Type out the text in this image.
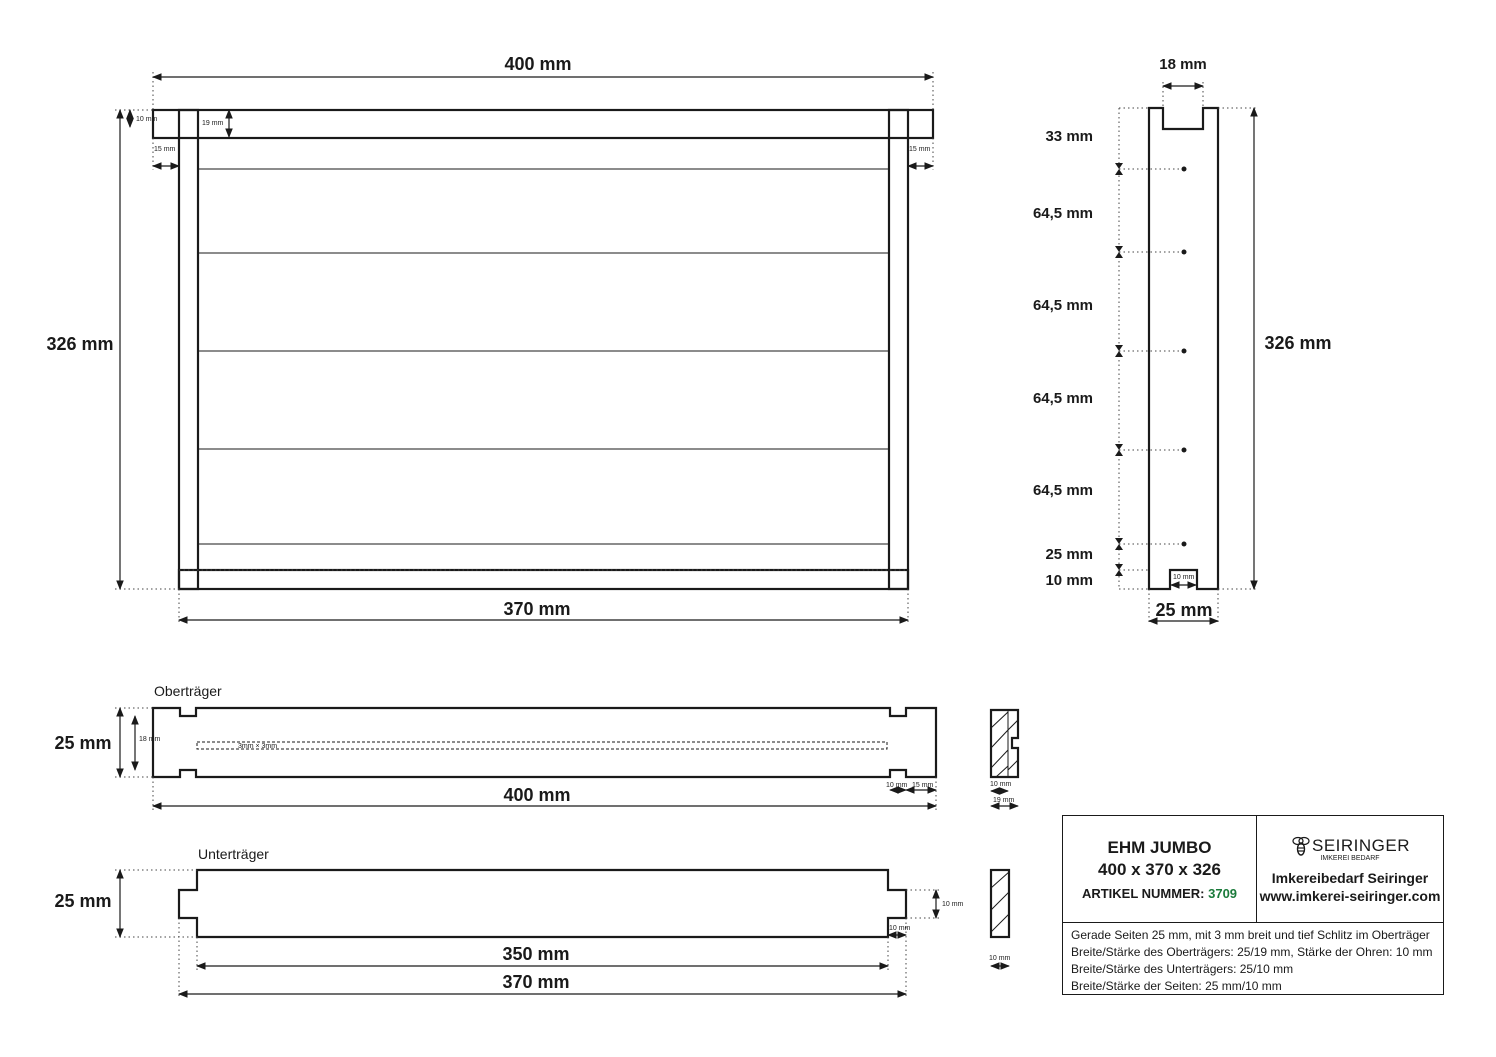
400 mm
326 mm
370 mm
10 mm
19 mm
15 mm	15 mm
18 mm
326 mm
25 mm
10 mm
33 mm
64,5 mm
64,5 mm
64,5 mm
64,5 mm
25 mm
10 mm
Oberträger
3mm × 3mm
25 mm	18 mm
400 mm	10 mm 15 mm	10 mm
19 mm
Unterträger
25 mm
350 mm
370 mm
10 mm
10 mm
10 mm
EHM JUMBO
400 x 370 x 326
ARTIKEL NUMMER: 3709
SEIRINGER
IMKEREI BEDARF
Imkereibedarf Seiringer
www.imkerei-seiringer.com
Gerade Seiten 25 mm, mit 3 mm breit und tief Schlitz im Oberträger
Breite/Stärke des Oberträgers: 25/19 mm, Stärke der Ohren: 10 mm
Breite/Stärke des Unterträgers: 25/10 mm
Breite/Stärke der Seiten: 25 mm/10 mm
